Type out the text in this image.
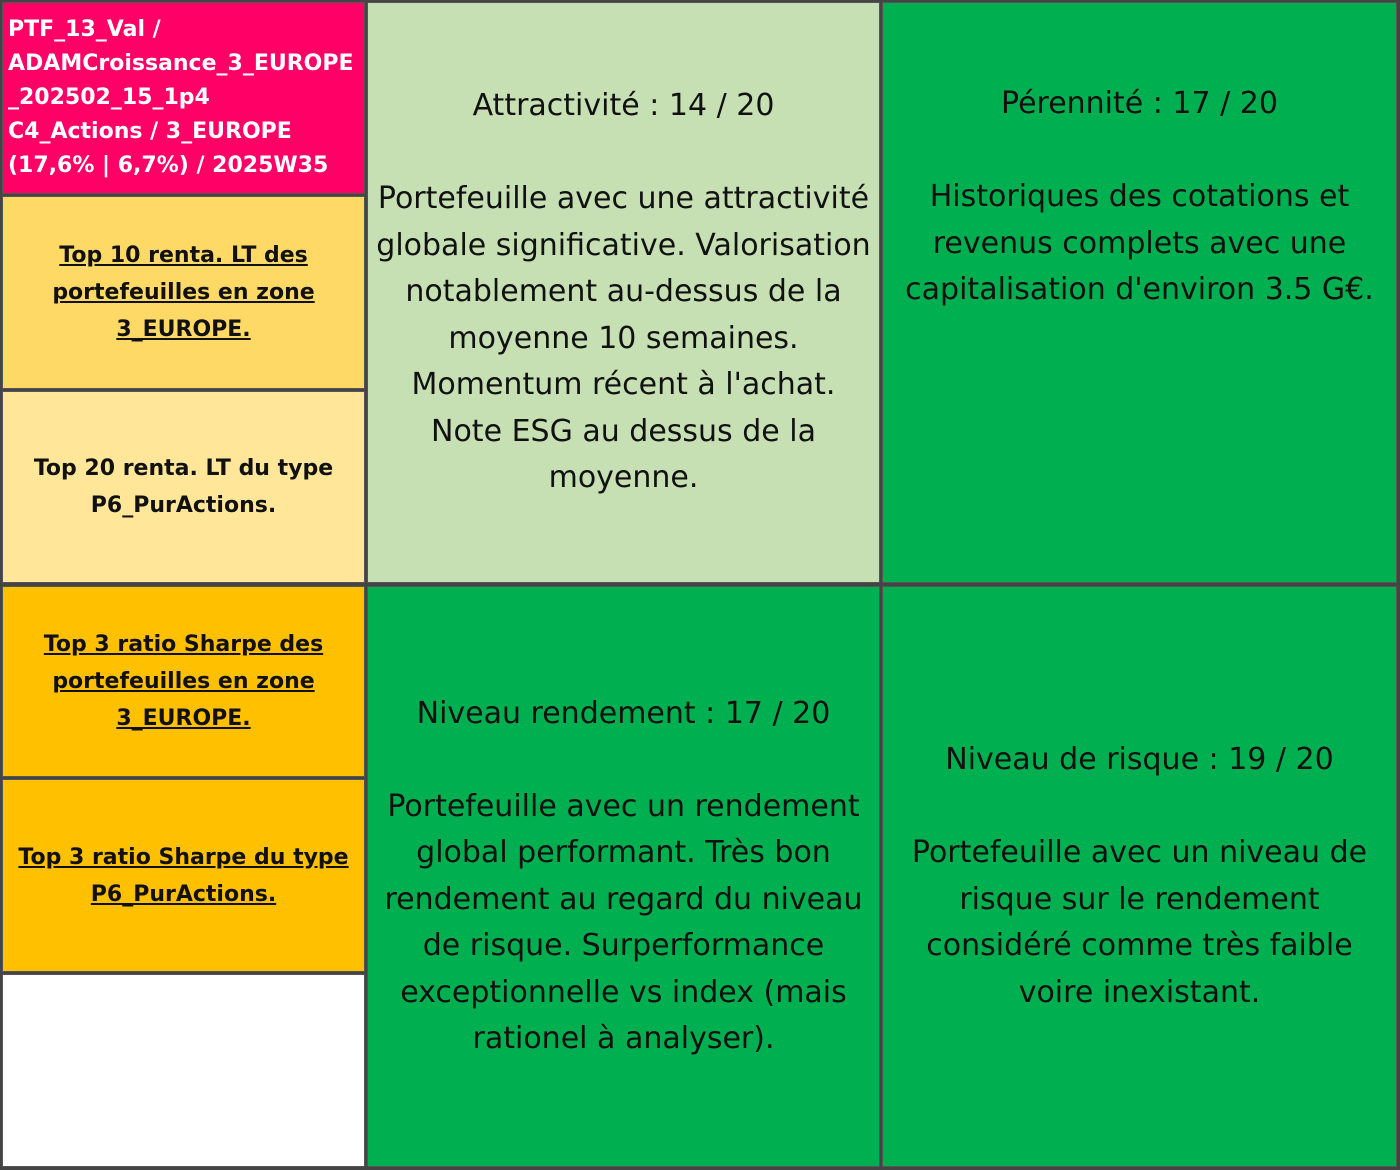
PTF_13_Val /
ADAMCroissance_3_EUROPE
_202502_15_1p4
C4_Actions / 3_EUROPE
(17,6% | 6,7%) / 2025W35
Top 10 renta. LT des portefeuilles en zone 3_EUROPE.
Top 20 renta. LT du type P6_PurActions.
Top 3 ratio Sharpe des portefeuilles en zone 3_EUROPE.
Top 3 ratio Sharpe du type P6_PurActions.
Attractivité : 14 / 20
Portefeuille avec une attractivité globale significative. Valorisation notablement au-dessus de la moyenne 10 semaines. Momentum récent à l'achat. Note ESG au dessus de la moyenne.
Pérennité : 17 / 20
Historiques des cotations et revenus complets avec une capitalisation d'environ 3.5 G€.
Niveau rendement : 17 / 20
Portefeuille avec un rendement global performant. Très bon rendement au regard du niveau de risque. Surperformance exceptionnelle vs index (mais rationel à analyser).
Niveau de risque : 19 / 20
Portefeuille avec un niveau de risque sur le rendement considéré comme très faible voire inexistant.
